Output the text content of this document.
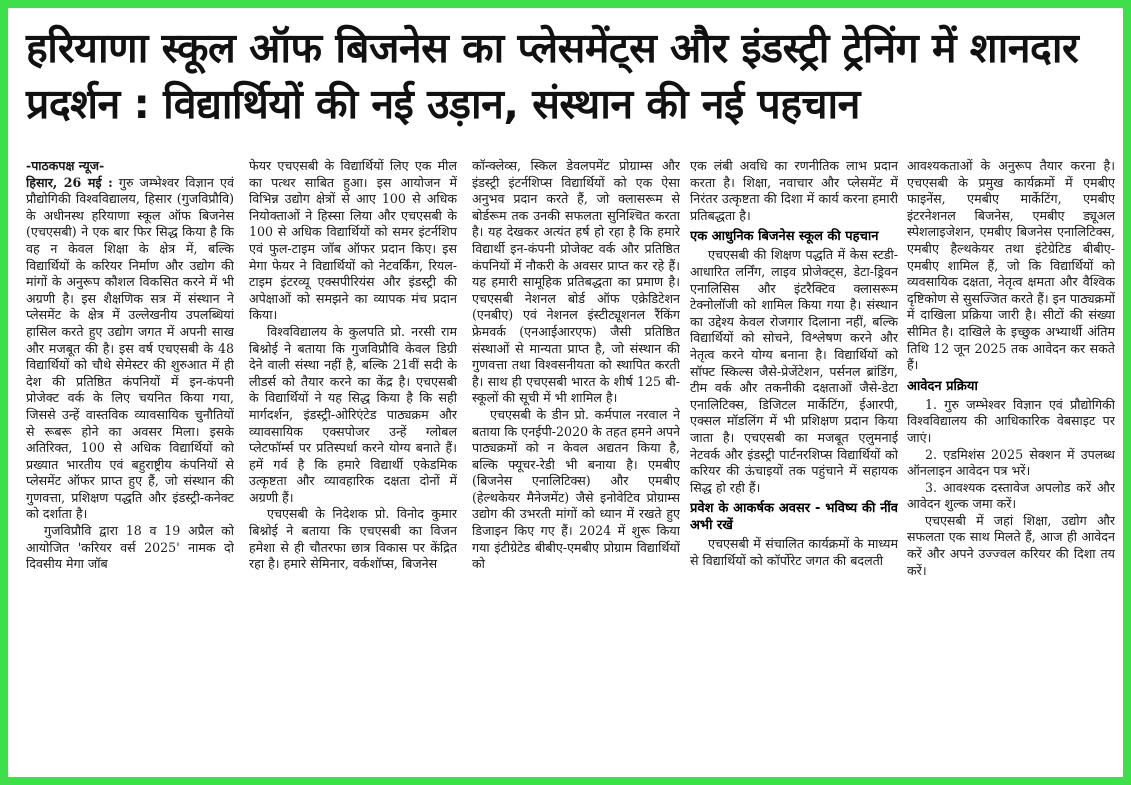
हरियाणा स्कूल ऑफ बिजनेस का प्लेसमेंट्स और इंडस्ट्री ट्रेनिंग में शानदार प्रदर्शन : विद्यार्थियों की नई उड़ान, संस्थान की नई पहचान

-पाठकपक्ष न्यूज-

हिसार, 26 मई : गुरु जम्भेश्वर विज्ञान एवं प्रौद्योगिकी विश्वविद्यालय, हिसार (गुजविप्रौवि) के अधीनस्थ हरियाणा स्कूल ऑफ बिजनेस (एचएसबी) ने एक बार फिर सिद्ध किया है कि वह न केवल शिक्षा के क्षेत्र में, बल्कि विद्यार्थियों के करियर निर्माण और उद्योग की मांगों के अनुरूप कौशल विकसित करने में भी अग्रणी है। इस शैक्षणिक सत्र में संस्थान ने प्लेसमेंट के क्षेत्र में उल्लेखनीय उपलब्धियां हासिल करते हुए उद्योग जगत में अपनी साख और मजबूत की है। इस वर्ष एचएसबी के 48 विद्यार्थियों को चौथे सेमेस्टर की शुरुआत में ही देश की प्रतिष्ठित कंपनियों में इन-कंपनी प्रोजेक्ट वर्क के लिए चयनित किया गया, जिससे उन्हें वास्तविक व्यावसायिक चुनौतियों से रूबरू होने का अवसर मिला। इसके अतिरिक्त, 100 से अधिक विद्यार्थियों को प्रख्यात भारतीय एवं बहुराष्ट्रीय कंपनियों से प्लेसमेंट ऑफर प्राप्त हुए हैं, जो संस्थान की गुणवत्ता, प्रशिक्षण पद्धति और इंडस्ट्री-कनेक्ट को दर्शाता है।

गुजविप्रौवि द्वारा 18 व 19 अप्रैल को आयोजित 'करियर वर्स 2025' नामक दो दिवसीय मेगा जॉब

फेयर एचएसबी के विद्यार्थियों लिए एक मील का पत्थर साबित हुआ। इस आयोजन में विभिन्न उद्योग क्षेत्रों से आए 100 से अधिक नियोक्ताओं ने हिस्सा लिया और एचएसबी के 100 से अधिक विद्यार्थियों को समर इंटर्नशिप एवं फुल-टाइम जॉब ऑफर प्रदान किए। इस मेगा फेयर ने विद्यार्थियों को नेटवर्किंग, रियल-टाइम इंटरव्यू एक्सपीरियंस और इंडस्ट्री की अपेक्षाओं को समझने का व्यापक मंच प्रदान किया।

विश्वविद्यालय के कुलपति प्रो. नरसी राम बिश्नोई ने बताया कि गुजविप्रौवि केवल डिग्री देने वाली संस्था नहीं है, बल्कि 21वीं सदी के लीडर्स को तैयार करने का केंद्र है। एचएसबी के विद्यार्थियों ने यह सिद्ध किया है कि सही मार्गदर्शन, इंडस्ट्री-ओरिएंटेड पाठ्यक्रम और व्यावसायिक एक्सपोजर उन्हें ग्लोबल प्लेटफॉर्म्स पर प्रतिस्पर्धा करने योग्य बनाते हैं। हमें गर्व है कि हमारे विद्यार्थी एकेडमिक उत्कृष्टता और व्यावहारिक दक्षता दोनों में अग्रणी हैं।

एचएसबी के निदेशक प्रो. विनोद कुमार बिश्नोई ने बताया कि एचएसबी का विजन हमेशा से ही चौतरफा छात्र विकास पर केंद्रित रहा है। हमारे सेमिनार, वर्कशॉप्स, बिजनेस

कॉन्क्लेव्स, स्किल डेवलपमेंट प्रोग्राम्स और इंडस्ट्री इंटर्नशिप्स विद्यार्थियों को एक ऐसा अनुभव प्रदान करते हैं, जो क्लासरूम से बोर्डरूम तक उनकी सफलता सुनिश्चित करता है। यह देखकर अत्यंत हर्ष हो रहा है कि हमारे विद्यार्थी इन-कंपनी प्रोजेक्ट वर्क और प्रतिष्ठित कंपनियों में नौकरी के अवसर प्राप्त कर रहे हैं। यह हमारी सामूहिक प्रतिबद्धता का प्रमाण है। एचएसबी नेशनल बोर्ड ऑफ एक्रेडिटेशन (एनबीए) एवं नेशनल इंस्टीट्यूशनल रैंकिंग फ्रेमवर्क (एनआईआरएफ) जैसी प्रतिष्ठित संस्थाओं से मान्यता प्राप्त है, जो संस्थान की गुणवत्ता तथा विश्वसनीयता को स्थापित करती है। साथ ही एचएसबी भारत के शीर्ष 125 बी-स्कूलों की सूची में भी शामिल है।

एचएसबी के डीन प्रो. कर्मपाल नरवाल ने बताया कि एनईपी-2020 के तहत हमने अपने पाठ्यक्रमों को न केवल अद्यतन किया है, बल्कि फ्यूचर-रेडी भी बनाया है। एमबीए (बिजनेस एनालिटिक्स) और एमबीए (हेल्थकेयर मैनेजमेंट) जैसे इनोवेटिव प्रोग्राम्स उद्योग की उभरती मांगों को ध्यान में रखते हुए डिजाइन किए गए हैं। 2024 में शुरू किया गया इंटीग्रेटेड बीबीए-एमबीए प्रोग्राम विद्यार्थियों को

एक लंबी अवधि का रणनीतिक लाभ प्रदान करता है। शिक्षा, नवाचार और प्लेसमेंट में निरंतर उत्कृष्टता की दिशा में कार्य करना हमारी प्रतिबद्धता है।

एक आधुनिक बिजनेस स्कूल की पहचान

एचएसबी की शिक्षण पद्धति में केस स्टडी-आधारित लर्निंग, लाइव प्रोजेक्ट्स, डेटा-ड्रिवन एनालिसिस और इंटरैक्टिव क्लासरूम टेक्नोलॉजी को शामिल किया गया है। संस्थान का उद्देश्य केवल रोजगार दिलाना नहीं, बल्कि विद्यार्थियों को सोचने, विश्लेषण करने और नेतृत्व करने योग्य बनाना है। विद्यार्थियों को सॉफ्ट स्किल्स जैसे-प्रेजेंटेशन, पर्सनल ब्रांडिंग, टीम वर्क और तकनीकी दक्षताओं जैसे-डेटा एनालिटिक्स, डिजिटल मार्केटिंग, ईआरपी, एक्सल मॉडलिंग में भी प्रशिक्षण प्रदान किया जाता है। एचएसबी का मजबूत एलुमनाई नेटवर्क और इंडस्ट्री पार्टनरशिप्स विद्यार्थियों को करियर की ऊंचाइयों तक पहुंचाने में सहायक सिद्ध हो रही हैं।

प्रवेश के आकर्षक अवसर - भविष्य की नींव अभी रखें

एचएसबी में संचालित कार्यक्रमों के माध्यम से विद्यार्थियों को कॉर्पोरेट जगत की बदलती

आवश्यकताओं के अनुरूप तैयार करना है। एचएसबी के प्रमुख कार्यक्रमों में एमबीए फाइनेंस, एमबीए मार्केटिंग, एमबीए इंटरनेशनल बिजनेस, एमबीए ड्यूअल स्पेशलाइजेशन, एमबीए बिजनेस एनालिटिक्स, एमबीए हैल्थकेयर तथा इंटेग्रेटिड बीबीए-एमबीए शामिल हैं, जो कि विद्यार्थियों को व्यवसायिक दक्षता, नेतृत्व क्षमता और वैश्विक दृष्टिकोण से सुसज्जित करते हैं। इन पाठ्यक्रमों में दाखिला प्रक्रिया जारी है। सीटों की संख्या सीमित है। दाखिले के इच्छुक अभ्यार्थी अंतिम तिथि 12 जून 2025 तक आवेदन कर सकते हैं।

आवेदन प्रक्रिया

1. गुरु जम्भेश्वर विज्ञान एवं प्रौद्योगिकी विश्वविद्यालय की आधिकारिक वेबसाइट पर जाएं।

2. एडमिशंस 2025 सेक्शन में उपलब्ध ऑनलाइन आवेदन पत्र भरें।

3. आवश्यक दस्तावेज अपलोड करें और आवेदन शुल्क जमा करें।

एचएसबी में जहां शिक्षा, उद्योग और सफलता एक साथ मिलते हैं, आज ही आवेदन करें और अपने उज्ज्वल करियर की दिशा तय करें।
